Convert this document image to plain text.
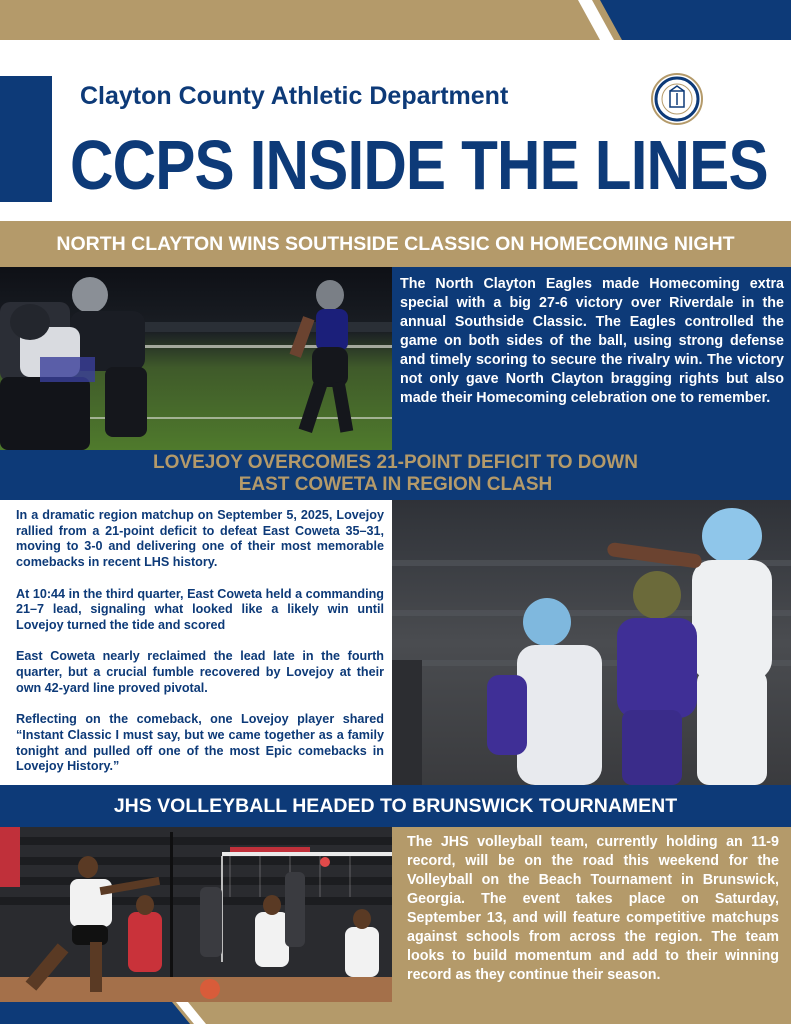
Clayton County Athletic Department
CCPS INSIDE THE LINES
NORTH CLAYTON WINS SOUTHSIDE CLASSIC ON HOMECOMING NIGHT
The North Clayton Eagles made Homecoming extra special with a big 27-6 victory over Riverdale in the annual Southside Classic. The Eagles controlled the game on both sides of the ball, using strong defense and timely scoring to secure the rivalry win. The victory not only gave North Clayton bragging rights but also made their Homecoming celebration one to remember.
LOVEJOY OVERCOMES 21-POINT DEFICIT TO DOWN
EAST COWETA IN REGION CLASH

In a dramatic region matchup on September 5, 2025, Lovejoy rallied from a 21-point deficit to defeat East Coweta 35–31, moving to 3-0 and delivering one of their most memorable comebacks in recent LHS history.

At 10:44 in the third quarter, East Coweta held a commanding 21–7 lead, signaling what looked like a likely win until Lovejoy turned the tide and scored

East Coweta nearly reclaimed the lead late in the fourth quarter, but a crucial fumble recovered by Lovejoy at their own 42-yard line proved pivotal.

Reflecting on the comeback, one Lovejoy player shared “Instant Classic I must say, but we came together as a family tonight and pulled off one of the most Epic comebacks in Lovejoy History.”

JHS VOLLEYBALL HEADED TO BRUNSWICK TOURNAMENT
The JHS volleyball team, currently holding an 11-9 record, will be on the road this weekend for the Volleyball on the Beach Tournament in Brunswick, Georgia. The event takes place on Saturday, September 13, and will feature competitive matchups against schools from across the region. The team looks to build momentum and add to their winning record as they continue their season.
